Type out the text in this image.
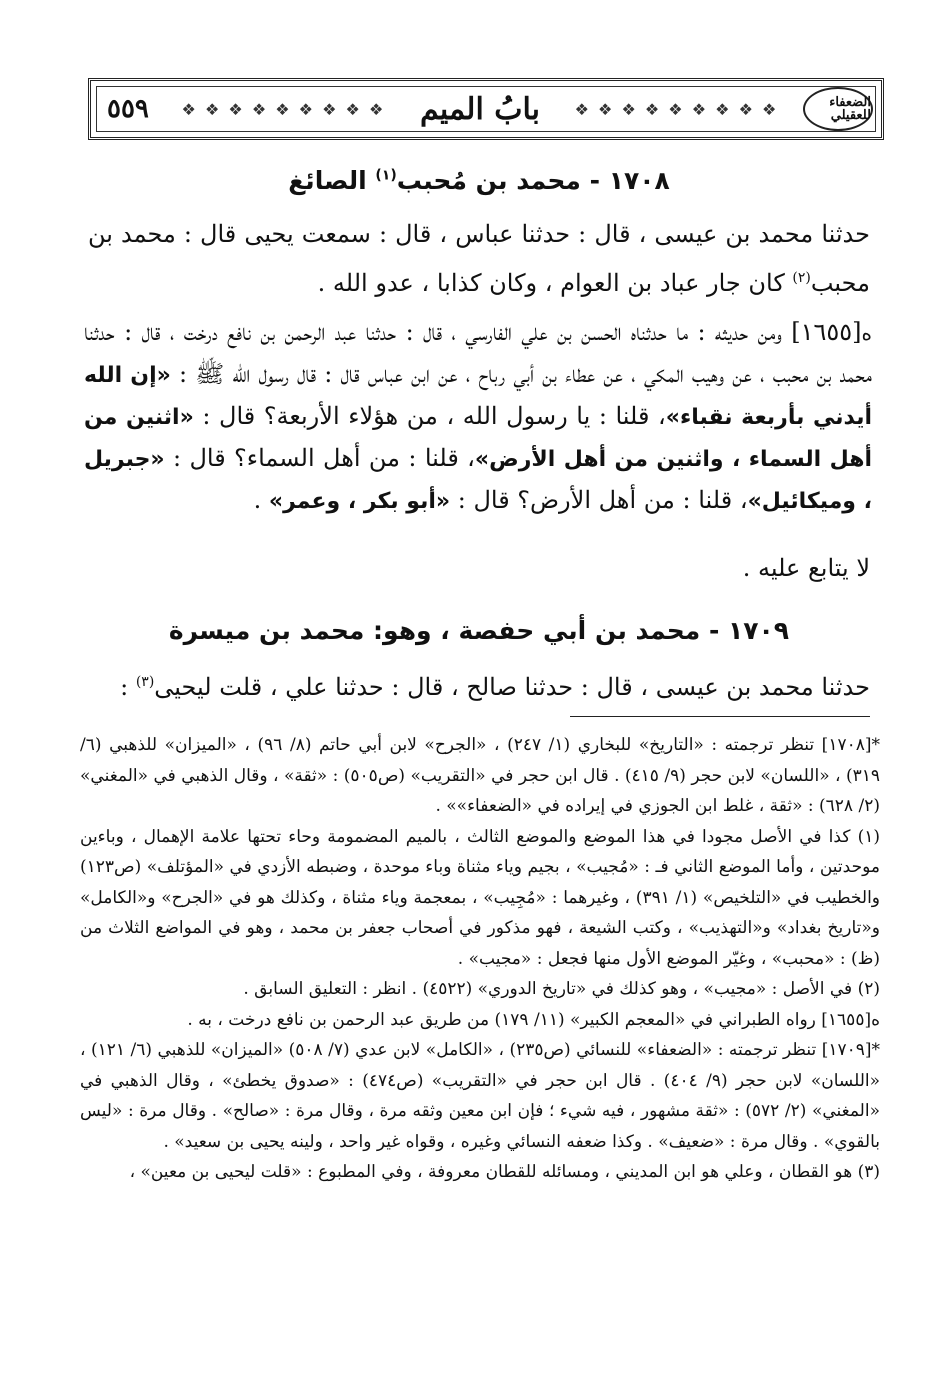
٥٥٩	❖ ❖ ❖ ❖ ❖ ❖ ❖ ❖ ❖	بابُ الميم	❖ ❖ ❖ ❖ ❖ ❖ ❖ ❖ ❖	الضعفاء للعقيلي
١٧٠٨ - محمد بن مُحبب$^{(١)}$ الصائغ

حدثنا محمد بن عيسى ، قال : حدثنا عباس ، قال : سمعت يحيى قال : محمد بن محبب$^{(٢)}$ كان جار عباد بن العوام ، وكان كذابا ، عدو الله .

ه[١٦٥٥] ومن حديثه : ما حدثناه الحسن بن علي الفارسي ، قال : حدثنا عبد الرحمن بن نافع درخت ، قال : حدثنا محمد بن محبب ، عن وهيب المكي ، عن عطاء بن أبي رباح ، عن ابن عباس قال : قال رسول الله ﷺ : «إن الله أيدني بأربعة نقباء»، قلنا : يا رسول الله ، من هؤلاء الأربعة؟ قال : «اثنين من أهل السماء ، واثنين من أهل الأرض»، قلنا : من أهل السماء؟ قال : «جبريل ، وميكائيل»، قلنا : من أهل الأرض؟ قال : «أبو بكر ، وعمر» .

لا يتابع عليه .

١٧٠٩ - محمد بن أبي حفصة ، وهو: محمد بن ميسرة

حدثنا محمد بن عيسى ، قال : حدثنا صالح ، قال : حدثنا علي ، قلت ليحيى$^{(٣)}$ :

*[١٧٠٨] تنظر ترجمته : «التاريخ» للبخاري (١/ ٢٤٧) ، «الجرح» لابن أبي حاتم (٨/ ٩٦) ، «الميزان» للذهبي (٦/ ٣١٩) ، «اللسان» لابن حجر (٩/ ٤١٥) . قال ابن حجر في «التقريب» (ص٥٠٥) : «ثقة» ، وقال الذهبي في «المغني» (٢/ ٦٢٨) : «ثقة ، غلط ابن الجوزي في إيراده في «الضعفاء»» .

(١) كذا في الأصل مجودا في هذا الموضع والموضع الثالث ، بالميم المضمومة وحاء تحتها علامة الإهمال ، وباءين موحدتين ، وأما الموضع الثاني فـ : «مُجيب» ، بجيم وياء مثناة وباء موحدة ، وضبطه الأزدي في «المؤتلف» (ص١٢٣) والخطيب في «التلخيص» (١/ ٣٩١) ، وغيرهما : «مُجِيب» ، بمعجمة وياء مثناة ، وكذلك هو في «الجرح» و«الكامل» و«تاريخ بغداد» و«التهذيب» ، وكتب الشيعة ، فهو مذكور في أصحاب جعفر بن محمد ، وهو في المواضع الثلاث من (ظ) : «محبب» ، وغيّر الموضع الأول منها فجعل : «مجيب» .

(٢) في الأصل : «مجيب» ، وهو كذلك في «تاريخ الدوري» (٤٥٢٢) . انظر : التعليق السابق .

ه[١٦٥٥] رواه الطبراني في «المعجم الكبير» (١١/ ١٧٩) من طريق عبد الرحمن بن نافع درخت ، به .

*[١٧٠٩] تنظر ترجمته : «الضعفاء» للنسائي (ص٢٣٥) ، «الكامل» لابن عدي (٧/ ٥٠٨) «الميزان» للذهبي (٦/ ١٢١) ، «اللسان» لابن حجر (٩/ ٤٠٤) . قال ابن حجر في «التقريب» (ص٤٧٤) : «صدوق يخطئ» ، وقال الذهبي في «المغني» (٢/ ٥٧٢) : «ثقة مشهور ، فيه شيء ؛ فإن ابن معين وثقه مرة ، وقال مرة : «صالح» . وقال مرة : «ليس بالقوي» . وقال مرة : «ضعيف» . وكذا ضعفه النسائي وغيره ، وقواه غير واحد ، ولينه يحيى بن سعيد» .

(٣) هو القطان ، وعلي هو ابن المديني ، ومسائله للقطان معروفة ، وفي المطبوع : «قلت ليحيى بن معين» ،
